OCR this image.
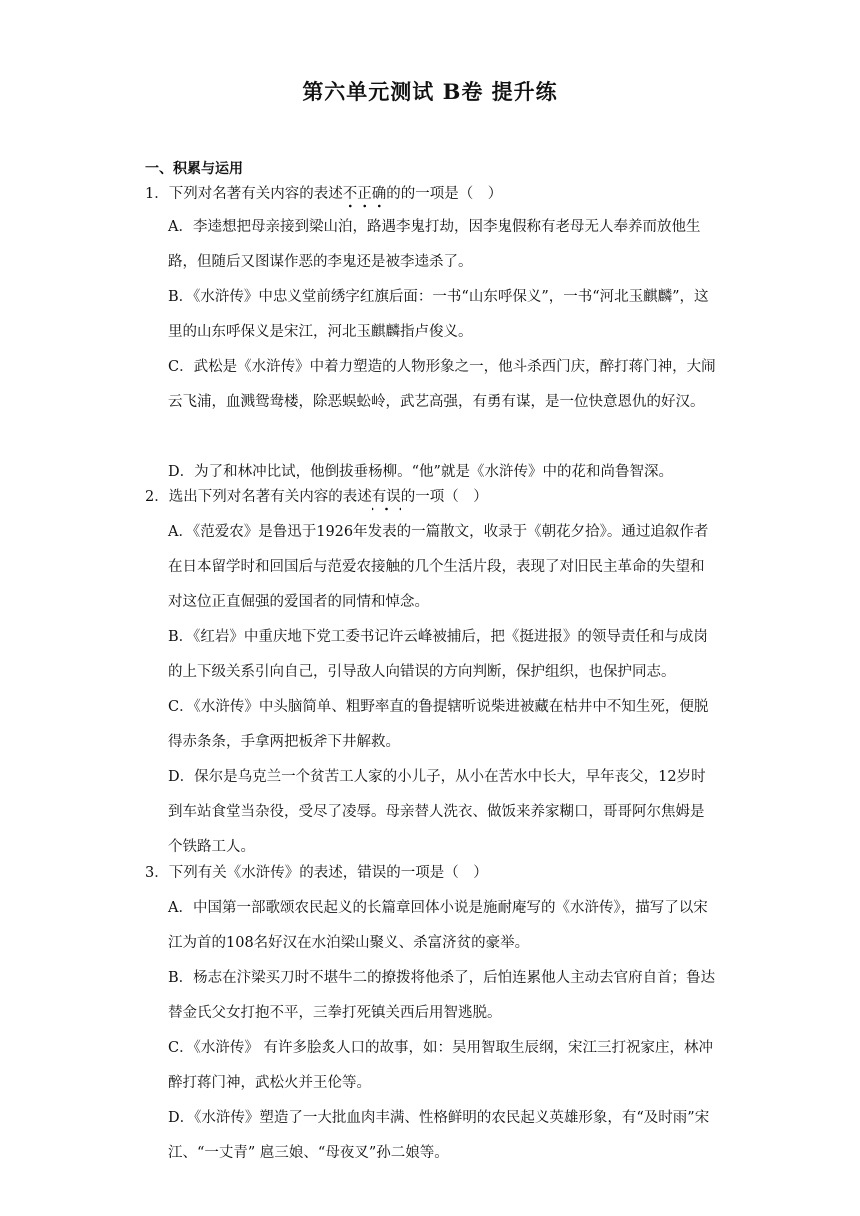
第六单元测试 B卷 提升练
一、积累与运用
1．下列对名著有关内容的表述不正确的的一项是（　）
A．李逵想把母亲接到梁山泊，路遇李鬼打劫，因李鬼假称有老母无人奉养而放他生路，但随后又图谋作恶的李鬼还是被李逵杀了。
B．《水浒传》中忠义堂前绣字红旗后面：一书“山东呼保义”，一书“河北玉麒麟”，这里的山东呼保义是宋江，河北玉麒麟指卢俊义。
C．武松是《水浒传》中着力塑造的人物形象之一，他斗杀西门庆，醉打蒋门神，大闹云飞浦，血溅鸳鸯楼，除恶蜈蚣岭，武艺高强，有勇有谋，是一位快意恩仇的好汉。
D．为了和林冲比试，他倒拔垂杨柳。“他”就是《水浒传》中的花和尚鲁智深。
2．选出下列对名著有关内容的表述有误的一项（　）
A．《范爱农》是鲁迅于1926年发表的一篇散文，收录于《朝花夕拾》。通过追叙作者在日本留学时和回国后与范爱农接触的几个生活片段，表现了对旧民主革命的失望和对这位正直倔强的爱国者的同情和悼念。
B．《红岩》中重庆地下党工委书记许云峰被捕后，把《挺进报》的领导责任和与成岗的上下级关系引向自己，引导敌人向错误的方向判断，保护组织，也保护同志。
C．《水浒传》中头脑简单、粗野率直的鲁提辖听说柴进被藏在枯井中不知生死，便脱得赤条条，手拿两把板斧下井解救。
D．保尔是乌克兰一个贫苦工人家的小儿子，从小在苦水中长大，早年丧父，12岁时到车站食堂当杂役，受尽了凌辱。母亲替人洗衣、做饭来养家糊口，哥哥阿尔焦姆是个铁路工人。
3．下列有关《水浒传》的表述，错误的一项是（　）
A．中国第一部歌颂农民起义的长篇章回体小说是施耐庵写的《水浒传》，描写了以宋江为首的108名好汉在水泊梁山聚义、杀富济贫的豪举。
B．杨志在汴梁买刀时不堪牛二的撩拨将他杀了，后怕连累他人主动去官府自首；鲁达替金氏父女打抱不平，三拳打死镇关西后用智逃脱。
C．《水浒传》 有许多脍炙人口的故事，如：吴用智取生辰纲，宋江三打祝家庄，林冲醉打蒋门神，武松火并王伦等。
D．《水浒传》塑造了一大批血肉丰满、性格鲜明的农民起义英雄形象，有“及时雨”宋江、“一丈青” 扈三娘、“母夜叉”孙二娘等。
